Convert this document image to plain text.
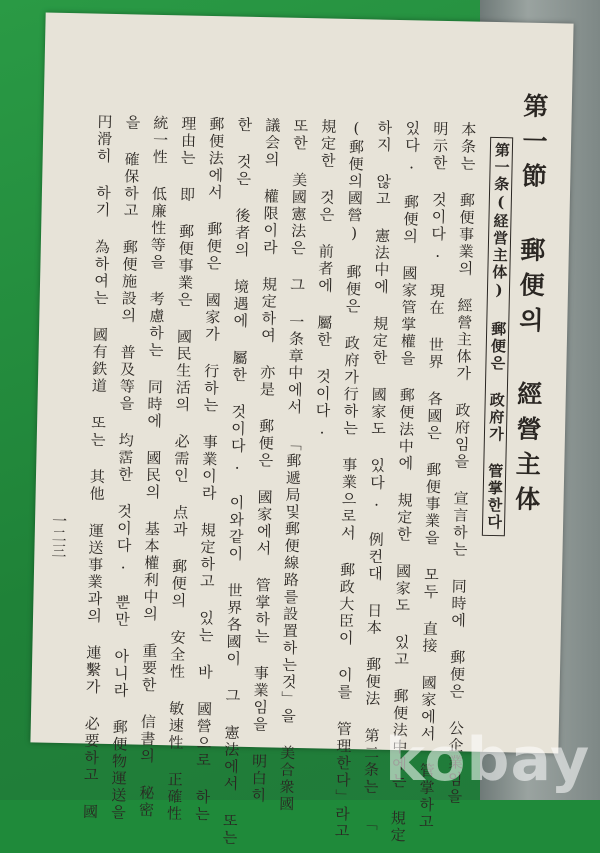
第一節 郵便의 經營主体
第一条(経営主体) 郵便은 政府가 管掌한다
本条는 郵便事業의 經營主体가 政府임을 宣言하는 同時에 郵便은 公企業임을
明示한 것이다. 現在 世界 各國은 郵便事業을 모두 直接 國家에서 管掌하고
있다. 郵便의 國家管掌權을 郵便法中에 規定한 國家도 있고 郵便法中에는 規定
하지 않고 憲法中에 規定한 國家도 있다. 例컨대 日本 郵便法 第二条는 「
(郵便의國營) 郵便은 政府가行하는 事業으로서 郵政大臣이 이를 管理한다」라고
規定한 것은 前者에 屬한 것이다.
또한 美國憲法은 그 一条章中에서 「郵遞局및郵便線路를設置하는것」을 美合衆國
議会의 權限이라 規定하여 亦是 郵便은 國家에서 管掌하는 事業임을 明白히
한 것은 後者의 境遇에 屬한 것이다. 이와같이 世界各國이 그 憲法에서 또는
郵便法에서 郵便은 國家가 行하는 事業이라 規定하고 있는 바 國營으로 하는
理由는 即 郵便事業은 國民生活의 必需인 点과 郵便의 安全性 敏速性 正確性
統一性 低廉性等을 考慮하는 同時에 國民의 基本權利中의 重要한 信書의 秘密
을 確保하고 郵便施設의 普及等을 均霑한 것이다. 뿐만 아니라 郵便物運送을
円滑히 하기 為하여는 國有鉄道 또는 其他 運送事業과의 連繫가 必要하고 國
一二三
kobay
